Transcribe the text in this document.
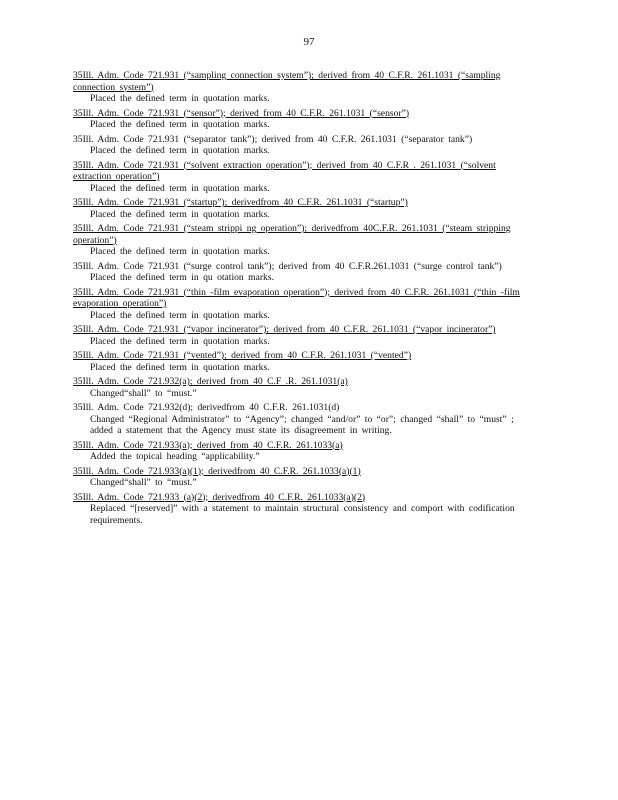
97

35Ill. Adm. Code 721.931 (“sampling connection system”); derived from 40 C.F.R. 261.1031 (“sampling connection system”)

Placed the defined term in quotation marks.

35Ill. Adm. Code 721.931 (“sensor”); derived from 40 C.F.R. 261.1031 (“sensor”)

Placed the defined term in quotation marks.

35Ill. Adm. Code 721.931 (“separator tank”); derived from 40 C.F.R. 261.1031 (“separator tank”)

Placed the defined term in quotation marks.

35Ill. Adm. Code 721.931 (“solvent extraction operation”); derived from 40 C.F.R . 261.1031 (“solvent extraction operation”)

Placed the defined term in quotation marks.

35Ill. Adm. Code 721.931 (“startup”); derivedfrom 40 C.F.R. 261.1031 (“startup”)

Placed the defined term in quotation marks.

35Ill. Adm. Code 721.931 (“steam strippi ng operation”); derivedfrom 40C.F.R. 261.1031 (“steam stripping operation”)

Placed the defined term in quotation marks.

35Ill. Adm. Code 721.931 (“surge control tank”); derived from 40 C.F.R.261.1031 (“surge control tank”)

Placed the defined term in qu otation marks.

35Ill. Adm. Code 721.931 (“thin -film evaporation operation”); derived from 40 C.F.R. 261.1031 (“thin -film evaporation operation”)

Placed the defined term in quotation marks.

35Ill. Adm. Code 721.931 (“vapor incinerator”); derived from 40 C.F.R. 261.1031 (“vapor incinerator”)

Placed the defined term in quotation marks.

35Ill. Adm. Code 721.931 (“vented”); derived from 40 C.F.R. 261.1031 (“vented”)

Placed the defined term in quotation marks.

35Ill. Adm. Code 721.932(a); derived from 40 C.F .R. 261.1031(a)

Changed“shall” to “must.”

35Ill. Adm. Code 721.932(d); derivedfrom 40 C.F.R. 261.1031(d)

Changed “Regional Administrator” to “Agency”; changed “and/or” to “or”; changed “shall” to “must” ; added a statement that the Agency must state its disagreement in writing.

35Ill. Adm. Code 721.933(a); derived from 40 C.F.R. 261.1033(a)

Added the topical heading “applicability.”

35Ill. Adm. Code 721.933(a)(1); derivedfrom 40 C.F.R. 261.1033(a)(1)

Changed“shall” to “must.”

35Ill. Adm. Code 721.933 (a)(2); derivedfrom 40 C.F.R. 261.1033(a)(2)

Replaced “[reserved]” with a statement to maintain structural consistency and comport with codification requirements.
